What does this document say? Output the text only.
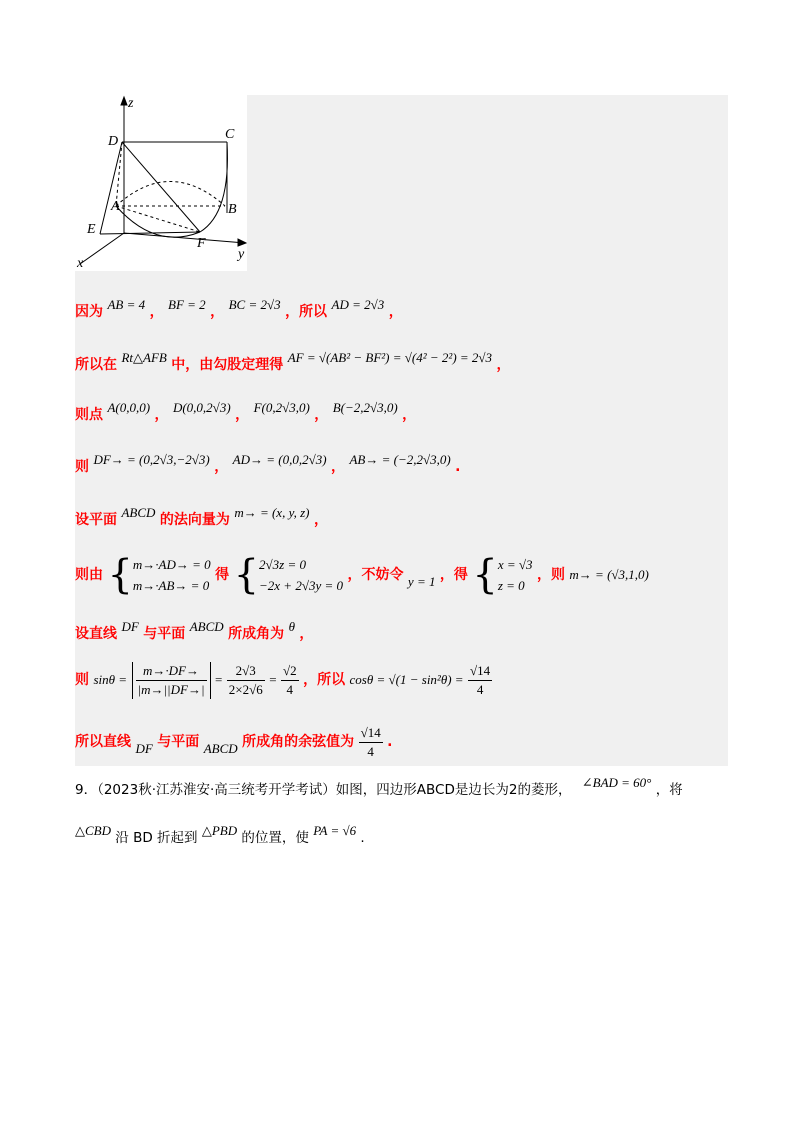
z
D	C
A	B
E
F
y
x
因为 AB = 4 ， BF = 2 ， BC = 2√3 ，所以 AD = 2√3 ，
所以在 Rt△AFB 中，由勾股定理得 AF = √(AB² − BF²) = √(4² − 2²) = 2√3 ，
则点 A(0,0,0) ， D(0,0,2√3) ， F(0,2√3,0) ， B(−2,2√3,0) ，
则 DF→ = (0,2√3,−2√3) ， AD→ = (0,0,2√3) ， AB→ = (−2,2√3,0) .
设平面 ABCD 的法向量为 m→ = (x, y, z) ，
则由 { m→·AD→ = 0
m→·AB→ = 0
得 { 2√3z = 0
−2x + 2√3y = 0
，不妨令 y = 1 ，得 { x = √3
z = 0
，则 m→ = (√3,1,0)
设直线 DF 与平面 ABCD 所成角为 θ ，
则 $\sin\theta = \frac{m\to\cdot DF\to}{|m\to||DF\to|} = \frac{2√3}{2\times 2√6} = \frac{√2}{4}$ ，所以 $\cos\theta = √(1 - \sin^2\theta) = \frac{√14}{4}$
所以直线 DF 与平面 ABCD 所成角的余弦值为 $\frac{√14}{4}$ .
9．（2023秋·江苏淮安·高三统考开学考试）如图，四边形ABCD是边长为2的菱形， ∠BAD = 60° ，将
△CBD 沿 BD 折起到 △PBD 的位置，使 PA = √6 .
